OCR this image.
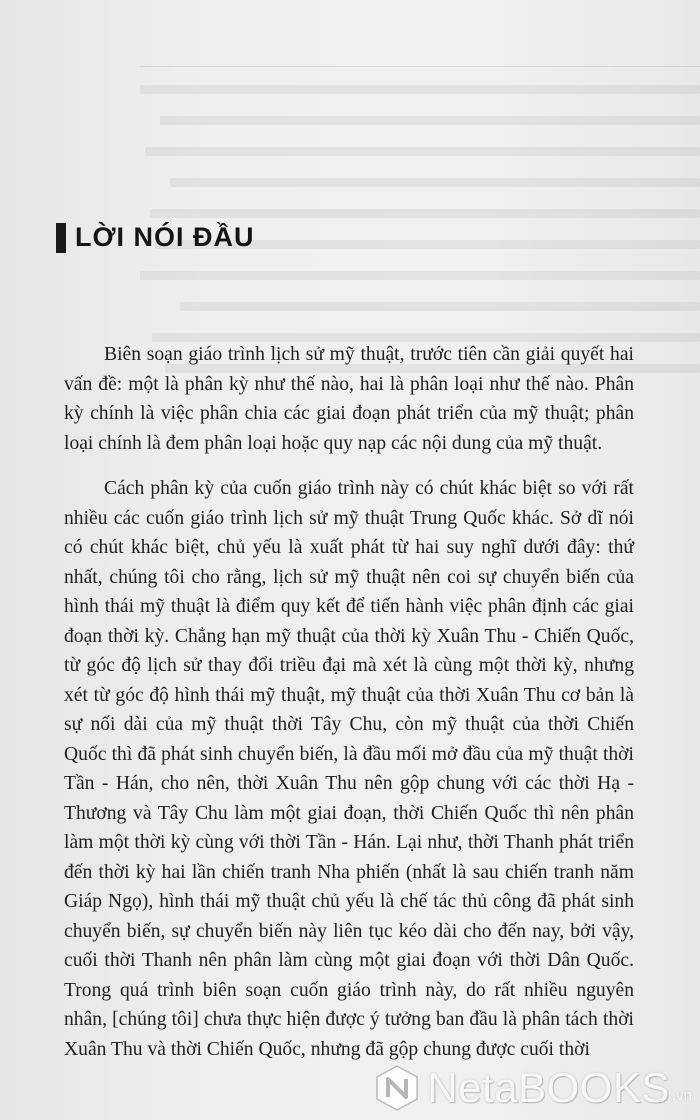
LỜI NÓI ĐẦU

Biên soạn giáo trình lịch sử mỹ thuật, trước tiên cần giải quyết hai vấn đề: một là phân kỳ như thế nào, hai là phân loại như thế nào. Phân kỳ chính là việc phân chia các giai đoạn phát triển của mỹ thuật; phân loại chính là đem phân loại hoặc quy nạp các nội dung của mỹ thuật.

Cách phân kỳ của cuốn giáo trình này có chút khác biệt so với rất nhiều các cuốn giáo trình lịch sử mỹ thuật Trung Quốc khác. Sở dĩ nói có chút khác biệt, chủ yếu là xuất phát từ hai suy nghĩ dưới đây: thứ nhất, chúng tôi cho rằng, lịch sử mỹ thuật nên coi sự chuyển biến của hình thái mỹ thuật là điểm quy kết để tiến hành việc phân định các giai đoạn thời kỳ. Chẳng hạn mỹ thuật của thời kỳ Xuân Thu - Chiến Quốc, từ góc độ lịch sử thay đổi triều đại mà xét là cùng một thời kỳ, nhưng xét từ góc độ hình thái mỹ thuật, mỹ thuật của thời Xuân Thu cơ bản là sự nối dài của mỹ thuật thời Tây Chu, còn mỹ thuật của thời Chiến Quốc thì đã phát sinh chuyển biến, là đầu mối mở đầu của mỹ thuật thời Tần - Hán, cho nên, thời Xuân Thu nên gộp chung với các thời Hạ - Thương và Tây Chu làm một giai đoạn, thời Chiến Quốc thì nên phân làm một thời kỳ cùng với thời Tần - Hán. Lại như, thời Thanh phát triển đến thời kỳ hai lần chiến tranh Nha phiến (nhất là sau chiến tranh năm Giáp Ngọ), hình thái mỹ thuật chủ yếu là chế tác thủ công đã phát sinh chuyển biến, sự chuyển biến này liên tục kéo dài cho đến nay, bởi vậy, cuối thời Thanh nên phân làm cùng một giai đoạn với thời Dân Quốc. Trong quá trình biên soạn cuốn giáo trình này, do rất nhiều nguyên nhân, [chúng tôi] chưa thực hiện được ý tưởng ban đầu là phân tách thời Xuân Thu và thời Chiến Quốc, nhưng đã gộp chung được cuối thời

NetaBOOKS .vn
